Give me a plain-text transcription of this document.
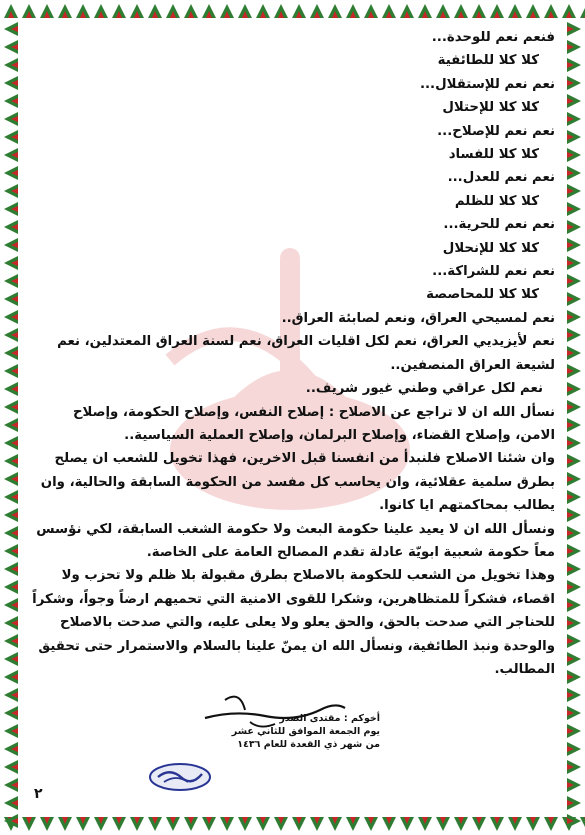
فنعم نعم للوحدة...
كلا كلا للطائفية
نعم نعم للإستقلال...
كلا كلا للإحتلال
نعم نعم للإصلاح...
كلا كلا للفساد
نعم نعم للعدل...
كلا كلا للظلم
نعم نعم للحرية...
كلا كلا للإنحلال
نعم نعم للشراكة...
كلا كلا للمحاصصة

نعم لمسيحي العراق، ونعم لصابئة العراق..

نعم لأيزيديي العراق، نعم لكل اقليات العراق، نعم لسنة العراق المعتدلين، نعم لشيعة العراق المنصفين..

نعم لكل عراقي وطني غيور شريف..

نسأل الله ان لا تراجع عن الاصلاح : إصلاح النفس، وإصلاح الحكومة، وإصلاح الامن، وإصلاح القضاء، وإصلاح البرلمان، وإصلاح العملية السياسية..

وان شئنا الاصلاح فلنبدأ من انفسنا قبل الاخرين، فهذا تخويل للشعب ان يصلح بطرق سلمية عقلائية، وان يحاسب كل مفسد من الحكومة السابقة والحالية، وان يطالب بمحاكمتهم ايا كانوا.

ونسأل الله ان لا يعيد علينا حكومة البعث ولا حكومة الشغب السابقة، لكي نؤسس معاً حكومة شعبية ابويّة عادلة تقدم المصالح العامة على الخاصة.

وهذا تخويل من الشعب للحكومة بالاصلاح بطرق مقبولة بلا ظلم ولا تحزب ولا اقصاء، فشكراً للمتظاهرين، وشكرا للقوى الامنية التي تحميهم ارضاً وجواً، وشكراً للحناجر التي صدحت بالحق، والحق يعلو ولا يعلى عليه، والتي صدحت بالاصلاح والوحدة ونبذ الطائفية، ونسأل الله ان يمنّ علينا بالسلام والاستمرار حتى تحقيق المطالب.

أخوكم : مقتدى الصدر
يوم الجمعة الموافق للثاني عشر
من شهر ذي القعدة للعام ١٤٣٦
٢
